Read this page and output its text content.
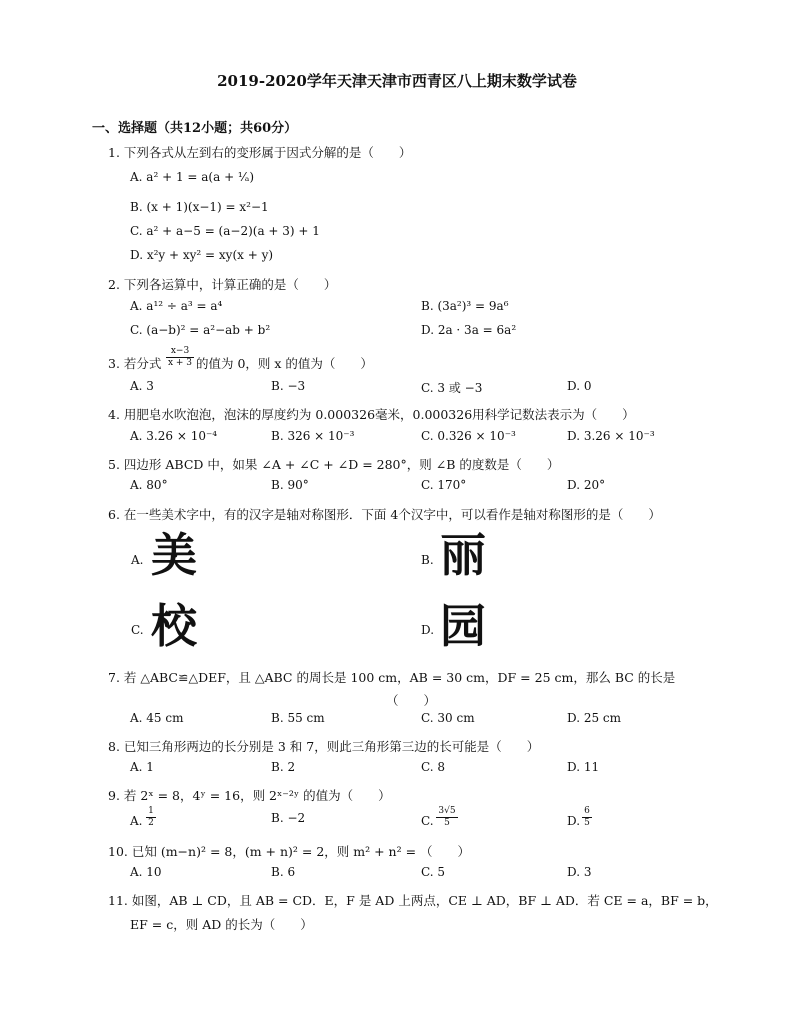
2019-2020学年天津天津市西青区八上期末数学试卷
一、选择题（共12小题；共60分）
1. 下列各式从左到右的变形属于因式分解的是（　　）
A. a² + 1 = a(a + ¹⁄ₐ)
B. (x + 1)(x−1) = x²−1
C. a² + a−5 = (a−2)(a + 3) + 1
D. x²y + xy² = xy(x + y)
2. 下列各运算中，计算正确的是（　　）
A. a¹² ÷ a³ = a⁴	B. (3a²)³ = 9a⁶
C. (a−b)² = a²−ab + b²	D. 2a · 3a = 6a²
3. 若分式 $\frac{x-3}{x + 3}$ 的值为 0，则 x 的值为（　　）
A. 3	B. −3	C. 3 或 −3	D. 0
4. 用肥皂水吹泡泡，泡沫的厚度约为 0.000326毫米，0.000326用科学记数法表示为（　　）
A. 3.26 × 10⁻⁴	B. 326 × 10⁻³	C. 0.326 × 10⁻³	D. 3.26 × 10⁻³
5. 四边形 ABCD 中，如果 ∠A + ∠C + ∠D = 280°，则 ∠B 的度数是（　　）
A. 80°	B. 90°	C. 170°	D. 20°
6. 在一些美术字中，有的汉字是轴对称图形．下面 4个汉字中，可以看作是轴对称图形的是（　　）
A. 美	B. 丽
C. 校	D. 园
7. 若 △ABC≌△DEF，且 △ABC 的周长是 100 cm，AB = 30 cm，DF = 25 cm，那么 BC 的长是
（　　）
A. 45 cm	B. 55 cm	C. 30 cm	D. 25 cm
8. 已知三角形两边的长分别是 3 和 7，则此三角形第三边的长可能是（　　）
A. 1	B. 2	C. 8	D. 11
9. 若 2ˣ = 8，4ʸ = 16，则 2ˣ⁻²ʸ 的值为（　　）
A. $\frac{1}{2}$	B. −2	C. $\frac{3√5}{5}$	D. $\frac{6}{5}$
10. 已知 (m−n)² = 8，(m + n)² = 2，则 m² + n² = （　　）
A. 10	B. 6	C. 5	D. 3
11. 如图，AB ⊥ CD，且 AB = CD．E，F 是 AD 上两点，CE ⊥ AD，BF ⊥ AD．若 CE = a，BF = b，
EF = c，则 AD 的长为（　　）
